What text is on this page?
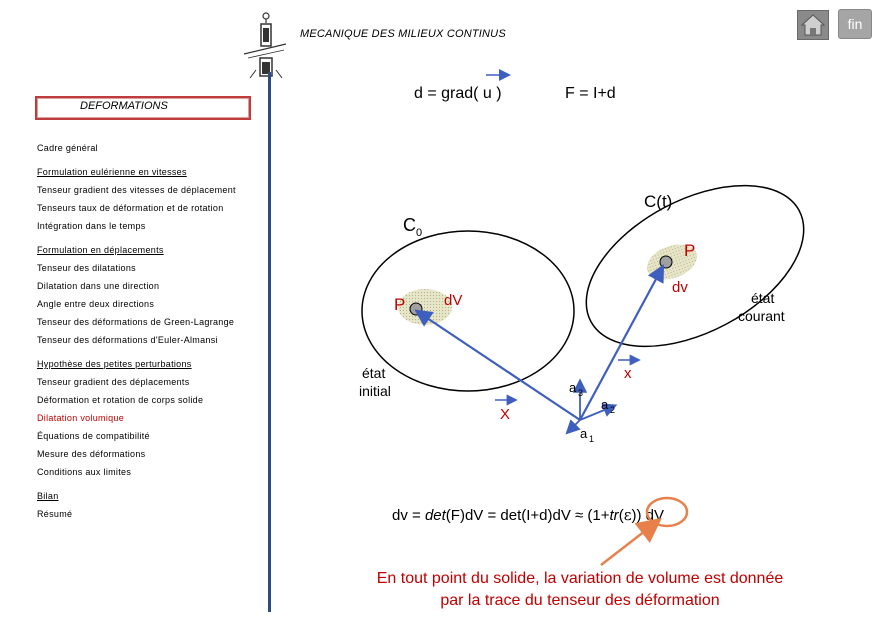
MECANIQUE DES MILIEUX CONTINUS
fin
DEFORMATIONS
Cadre général
Formulation eulérienne en vitesses
Tenseur gradient des vitesses de déplacement
Tenseurs taux de déformation et de rotation
Intégration dans le temps
Formulation en déplacements
Tenseur des dilatations
Dilatation dans une direction
Angle entre deux directions
Tenseur des déformations de Green-Lagrange
Tenseur des déformations d'Euler-Almansi
Hypothèse des petites perturbations
Tenseur gradient des déplacements
Déformation et rotation de corps solide
Dilatation volumique
Équations de compatibilité
Mesure des déformations
Conditions aux limites
Bilan
Résumé
d = grad( u )	F = I+d
C(t)
C 0
P
P
dv
dV	état
courant
état
initial
x
X
a 3
a 2
a 1
dv = det(F)dV = det(I+d)dV ≈ (1+tr(ε)) dV
En tout point du solide, la variation de volume est donnée
par la trace du tenseur des déformation
